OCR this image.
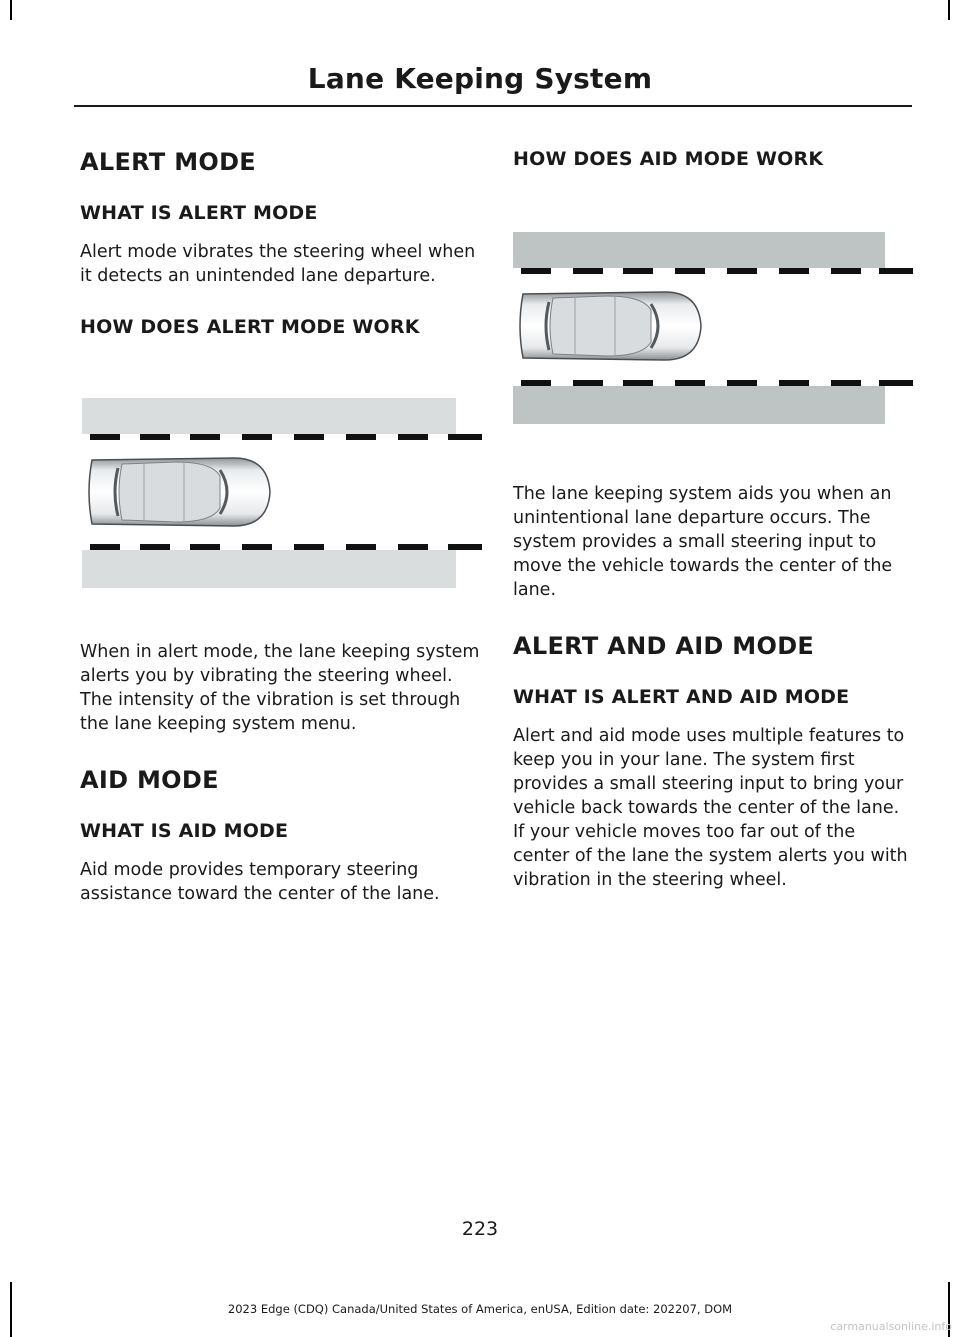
Lane Keeping System
ALERT MODE
WHAT IS ALERT MODE

Alert mode vibrates the steering wheel when it detects an unintended lane departure.

HOW DOES ALERT MODE WORK

When in alert mode, the lane keeping system alerts you by vibrating the steering wheel. The intensity of the vibration is set through the lane keeping system menu.

AID MODE
WHAT IS AID MODE

Aid mode provides temporary steering assistance toward the center of the lane.

HOW DOES AID MODE WORK

The lane keeping system aids you when an unintentional lane departure occurs. The system provides a small steering input to move the vehicle towards the center of the lane.

ALERT AND AID MODE
WHAT IS ALERT AND AID MODE

Alert and aid mode uses multiple features to keep you in your lane. The system first provides a small steering input to bring your vehicle back towards the center of the lane. If your vehicle moves too far out of the center of the lane the system alerts you with vibration in the steering wheel.

223
2023 Edge (CDQ) Canada/United States of America, enUSA, Edition date: 202207, DOM
carmanualsonline.info
